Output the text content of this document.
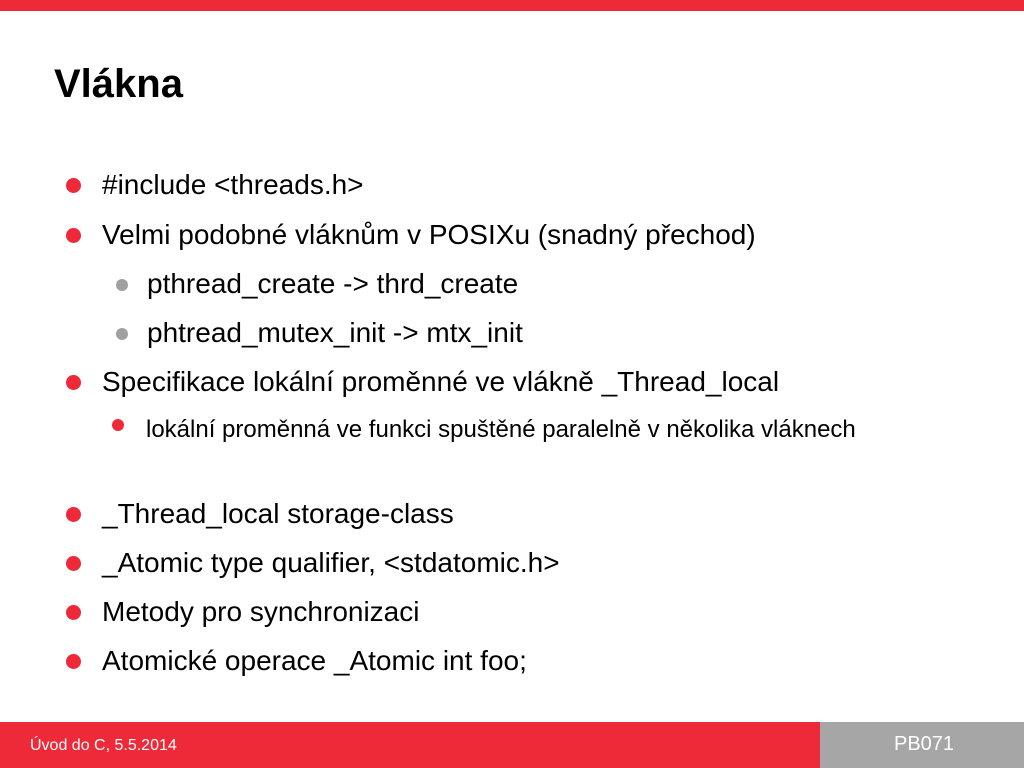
Vlákna
#include <threads.h>
Velmi podobné vláknům v POSIXu (snadný přechod)
pthread_create -> thrd_create
phtread_mutex_init -> mtx_init
Specifikace lokální proměnné ve vlákně _Thread_local
lokální proměnná ve funkci spuštěné paralelně v několika vláknech
_Thread_local storage-class
_Atomic type qualifier, <stdatomic.h>
Metody pro synchronizaci
Atomické operace _Atomic int foo;
Úvod do C, 5.5.2014	PB071
